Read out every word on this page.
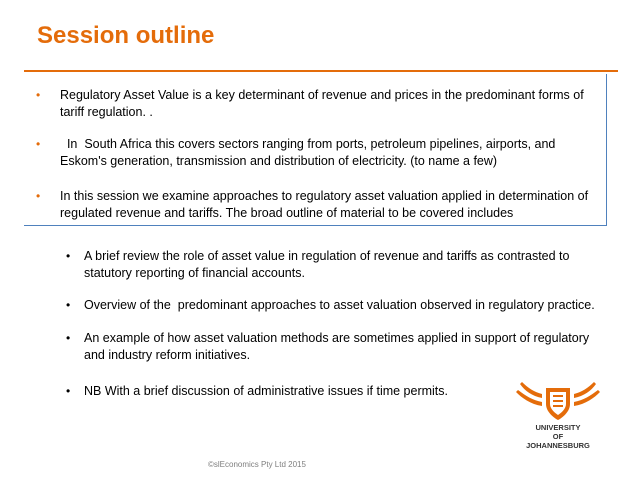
Session outline
• Regulatory Asset Value is a key determinant of revenue and prices in the predominant forms of tariff regulation. .
• In  South Africa this covers sectors ranging from ports, petroleum pipelines, airports, and Eskom's generation, transmission and distribution of electricity. (to name a few)
• In this session we examine approaches to regulatory asset valuation applied in determination of regulated revenue and tariffs. The broad outline of material to be covered includes
• A brief review the role of asset value in regulation of revenue and tariffs as contrasted to statutory reporting of financial accounts.
• Overview of the  predominant approaches to asset valuation observed in regulatory practice.
• An example of how asset valuation methods are sometimes applied in support of regulatory and industry reform initiatives.
• NB With a brief discussion of administrative issues if time permits.
UNIVERSITY
OF
JOHANNESBURG
©slEconomics Pty Ltd 2015
